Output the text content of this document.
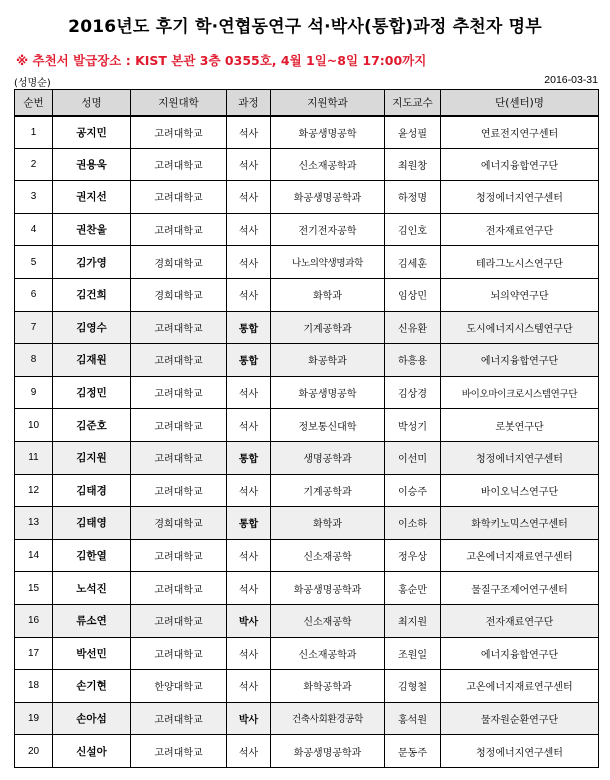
2016년도 후기 학·연협동연구 석·박사(통합)과정 추천자 명부
※ 추천서 발급장소 : KIST 본관 3층 0355호, 4월 1일~8일 17:00까지
(성명순)	2016-03-31
순번	성명	지원대학	과정	지원학과	지도교수	단(센터)명
1	공지민	고려대학교	석사	화공생명공학	윤성필	연료전지연구센터
2	권용욱	고려대학교	석사	신소재공학과	최원창	에너지융합연구단
3	권지선	고려대학교	석사	화공생명공학과	하정명	청정에너지연구센터
4	권찬울	고려대학교	석사	전기전자공학	김인호	전자재료연구단
5	김가영	경희대학교	석사	나노의약생명과학	김세훈	테라그노시스연구단
6	김건희	경희대학교	석사	화학과	임상민	뇌의약연구단
7	김영수	고려대학교	통합	기계공학과	신유환	도시에너지시스템연구단
8	김재원	고려대학교	통합	화공학과	하흥용	에너지융합연구단
9	김정민	고려대학교	석사	화공생명공학	김상경	바이오마이크로시스템연구단
10	김준호	고려대학교	석사	정보통신대학	박성기	로봇연구단
11	김지원	고려대학교	통합	생명공학과	이선미	청정에너지연구센터
12	김태경	고려대학교	석사	기계공학과	이승주	바이오닉스연구단
13	김태영	경희대학교	통합	화학과	이소하	화학키노믹스연구센터
14	김한열	고려대학교	석사	신소재공학	정우상	고온에너지재료연구센터
15	노석진	고려대학교	석사	화공생명공학과	홍순만	물질구조제어연구센터
16	류소연	고려대학교	박사	신소재공학	최지원	전자재료연구단
17	박선민	고려대학교	석사	신소재공학과	조원일	에너지융합연구단
18	손기현	한양대학교	석사	화학공학과	김형철	고온에너지재료연구센터
19	손아섬	고려대학교	박사	건축사회환경공학	홍석원	물자원순환연구단
20	신설아	고려대학교	석사	화공생명공학과	문동주	청정에너지연구센터
